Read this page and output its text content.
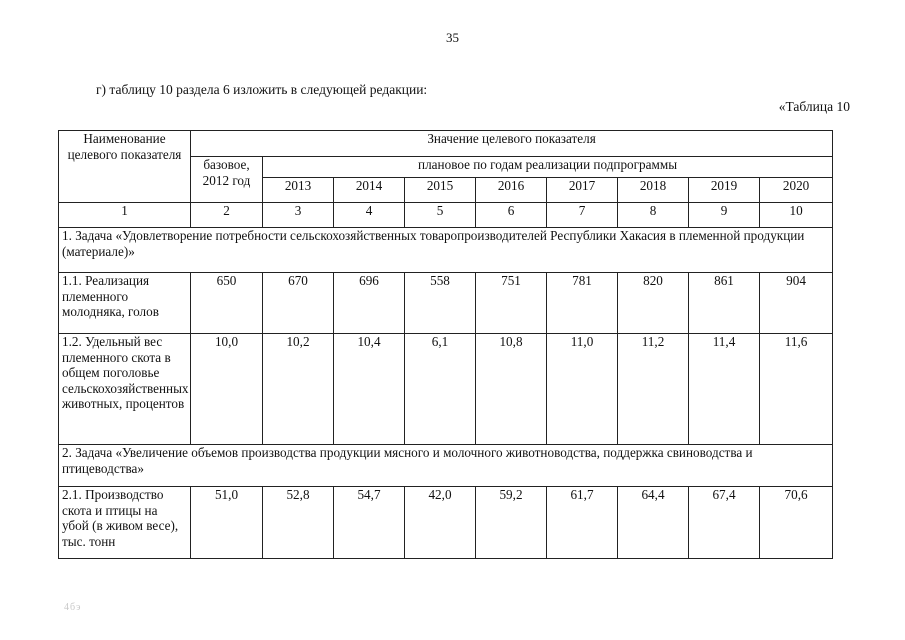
35
г) таблицу 10 раздела 6 изложить в следующей редакции:
«Таблица 10
Наименование целевого показателя	Значение целевого показателя								
	базовое, 2012 год	плановое по годам реализации подпрограммы							
		2013	2014	2015	2016	2017	2018	2019	2020
1	2	3	4	5	6	7	8	9	10
1. Задача «Удовлетворение потребности сельскохозяйственных товаропроизводителей Республики Хакасия в племенной продукции (материале)»									
1.1. Реализация племенного молодняка, голов	650	670	696	558	751	781	820	861	904
1.2. Удельный вес племенного скота в общем поголовье сельскохозяйственных животных, процентов	10,0	10,2	10,4	6,1	10,8	11,0	11,2	11,4	11,6
2. Задача «Увеличение объемов производства продукции мясного и молочного животноводства, поддержка свиноводства и птицеводства»									
2.1. Производство скота и птицы на убой (в живом весе), тыс. тонн	51,0	52,8	54,7	42,0	59,2	61,7	64,4	67,4	70,6
4бэ
